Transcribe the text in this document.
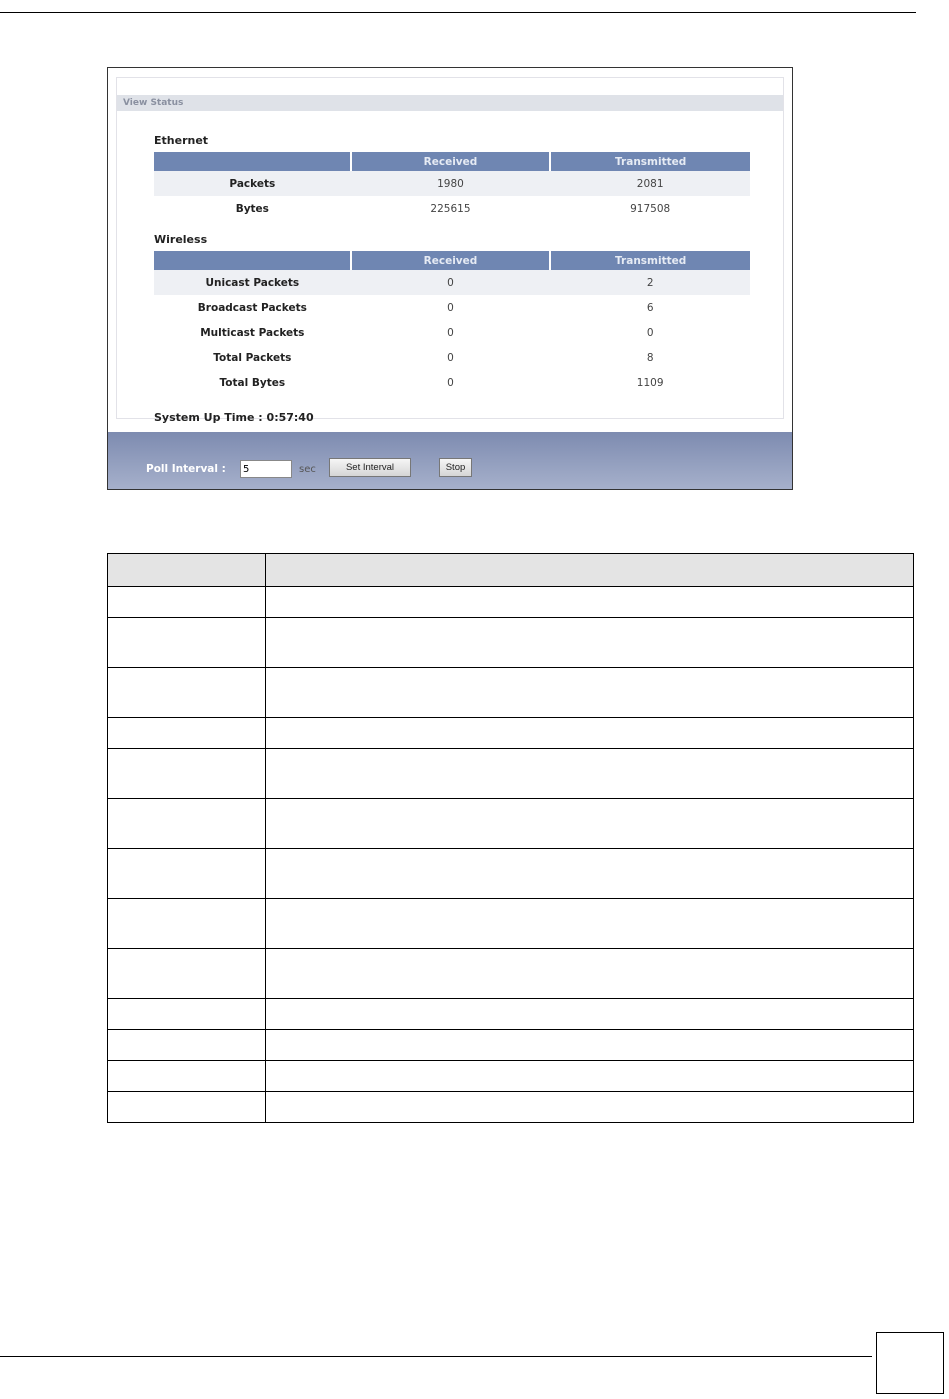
View Status
Ethernet
	Received	Transmitted
Packets	1980	2081
Bytes	225615	917508
Wireless
	Received	Transmitted
Unicast Packets	0	2
Broadcast Packets	0	6
Multicast Packets	0	0
Total Packets	0	8
Total Bytes	0	1109
System Up Time : 0:57:40
Poll Interval :
5	sec	Set Interval	Stop
